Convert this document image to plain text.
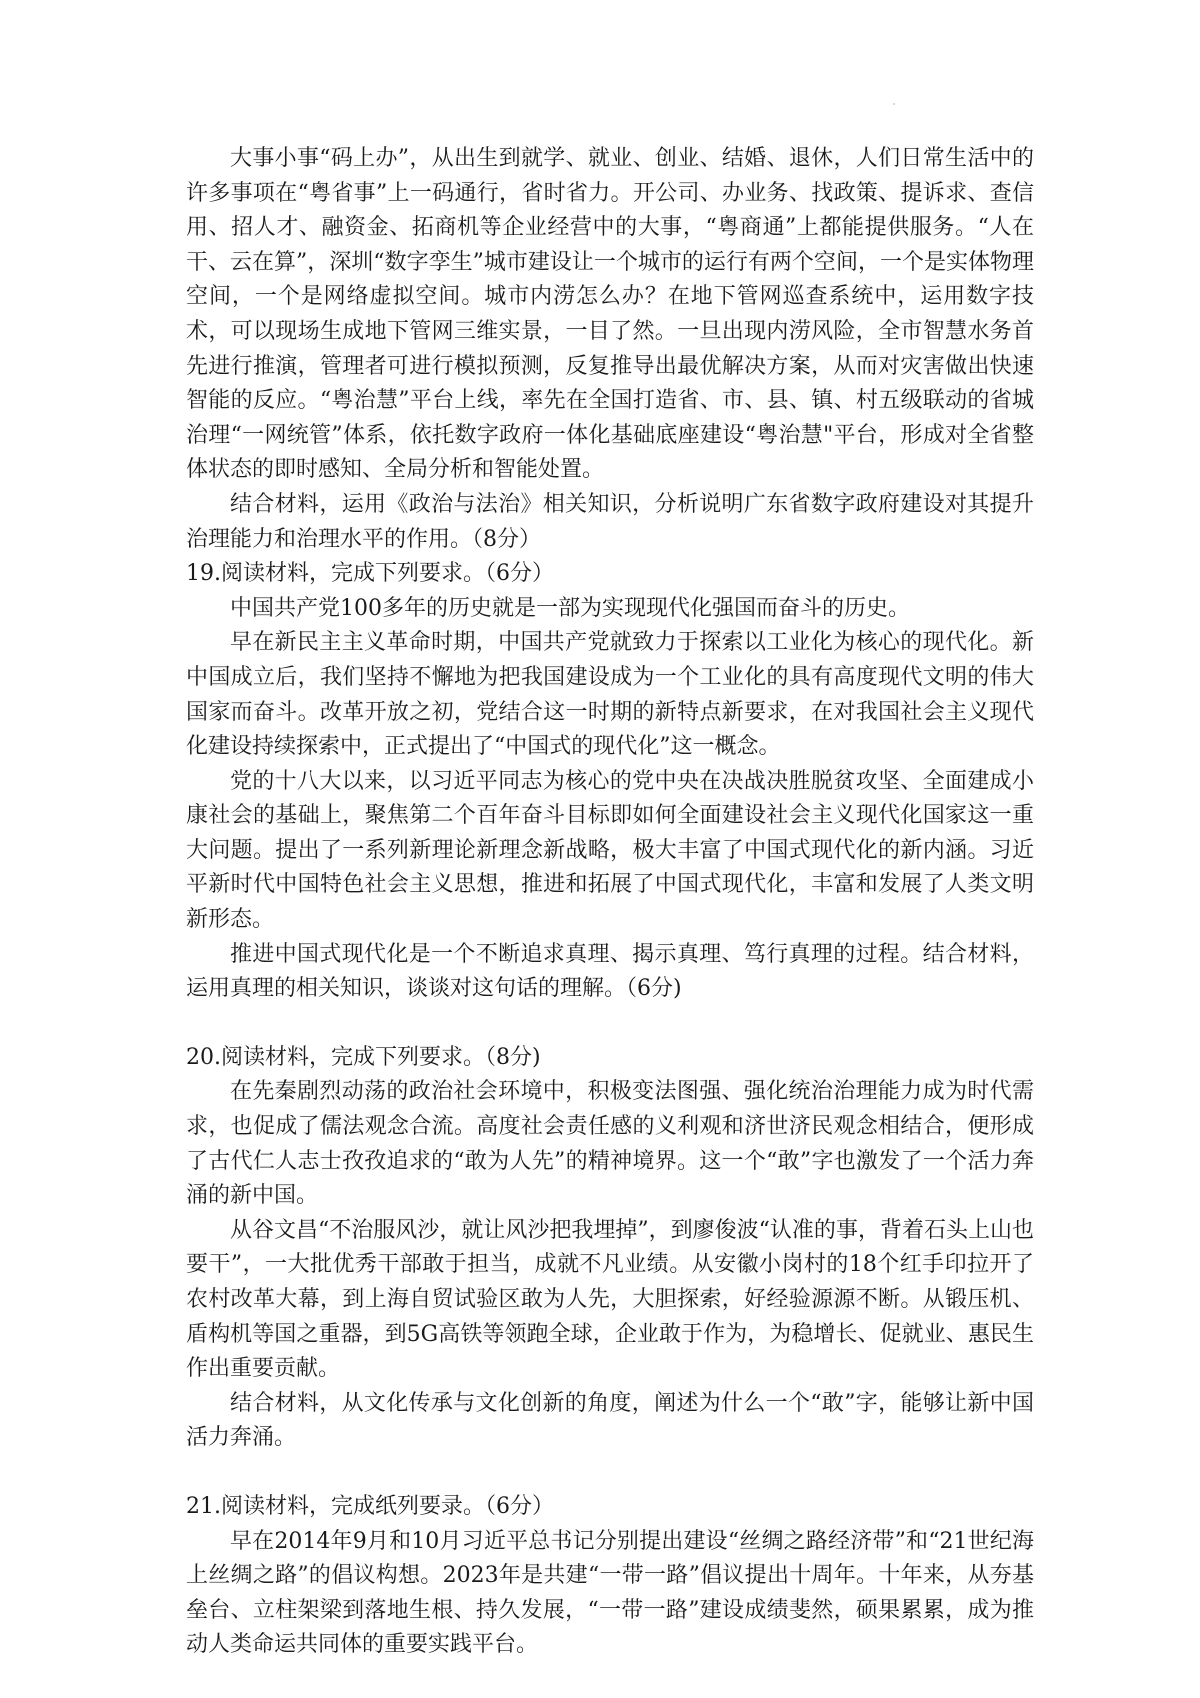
大事小事“码上办”，从出生到就学、就业、创业、结婚、退休，人们日常生活中的许多事项在“粤省事”上一码通行，省时省力。开公司、办业务、找政策、提诉求、查信用、招人才、融资金、拓商机等企业经营中的大事，“粤商通”上都能提供服务。“人在干、云在算”，深圳“数字孪生”城市建设让一个城市的运行有两个空间，一个是实体物理空间，一个是网络虚拟空间。城市内涝怎么办？在地下管网巡查系统中，运用数字技术，可以现场生成地下管网三维实景，一目了然。一旦出现内涝风险，全市智慧水务首先进行推演，管理者可进行模拟预测，反复推导出最优解决方案，从而对灾害做出快速智能的反应。“粤治慧”平台上线，率先在全国打造省、市、县、镇、村五级联动的省城治理“一网统管”体系，依托数字政府一体化基础底座建设“粤治慧"平台，形成对全省整体状态的即时感知、全局分析和智能处置。

结合材料，运用《政治与法治》相关知识，分析说明广东省数字政府建设对其提升治理能力和治理水平的作用。（8分）

19.阅读材料，完成下列要求。（6分）

中国共产党100多年的历史就是一部为实现现代化强国而奋斗的历史。

早在新民主主义革命时期，中国共产党就致力于探索以工业化为核心的现代化。新中国成立后，我们坚持不懈地为把我国建设成为一个工业化的具有高度现代文明的伟大国家而奋斗。改革开放之初，党结合这一时期的新特点新要求，在对我国社会主义现代化建设持续探索中，正式提出了“中国式的现代化”这一概念。

党的十八大以来，以习近平同志为核心的党中央在决战决胜脱贫攻坚、全面建成小康社会的基础上，聚焦第二个百年奋斗目标即如何全面建设社会主义现代化国家这一重大问题。提出了一系列新理论新理念新战略，极大丰富了中国式现代化的新内涵。习近平新时代中国特色社会主义思想，推进和拓展了中国式现代化，丰富和发展了人类文明新形态。

推进中国式现代化是一个不断追求真理、揭示真理、笃行真理的过程。结合材料，运用真理的相关知识，谈谈对这句话的理解。（6分)

20.阅读材料，完成下列要求。（8分)

在先秦剧烈动荡的政治社会环境中，积极变法图强、强化统治治理能力成为时代需求，也促成了儒法观念合流。高度社会责任感的义利观和济世济民观念相结合，便形成了古代仁人志士孜孜追求的“敢为人先”的精神境界。这一个“敢”字也激发了一个活力奔涌的新中国。

从谷文昌“不治服风沙，就让风沙把我埋掉”，到廖俊波“认准的事，背着石头上山也要干”，一大批优秀干部敢于担当，成就不凡业绩。从安徽小岗村的18个红手印拉开了农村改革大幕，到上海自贸试验区敢为人先，大胆探索，好经验源源不断。从锻压机、盾构机等国之重器，到5G高铁等领跑全球，企业敢于作为，为稳增长、促就业、惠民生作出重要贡献。

结合材料，从文化传承与文化创新的角度，阐述为什么一个“敢”字，能够让新中国活力奔涌。

21.阅读材料，完成纸列要录。（6分）

早在2014年9月和10月习近平总书记分别提出建设“丝绸之路经济带”和“21世纪海上丝绸之路”的倡议构想。2023年是共建“一带一路”倡议提出十周年。十年来，从夯基垒台、立柱架梁到落地生根、持久发展，“一带一路”建设成绩斐然，硕果累累，成为推动人类命运共同体的重要实践平台。
